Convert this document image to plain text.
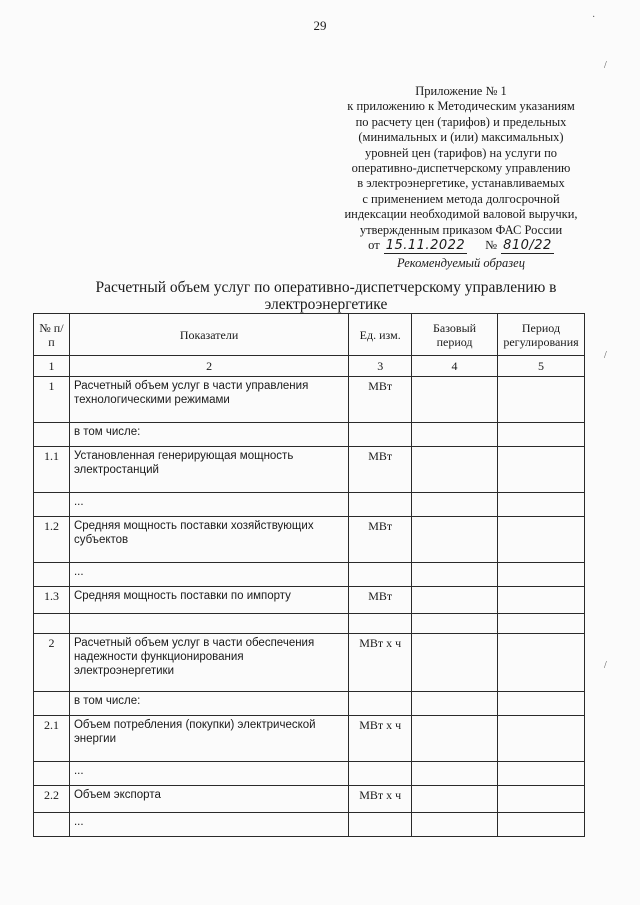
29
Приложение № 1
к приложению к Методическим указаниям
по расчету цен (тарифов) и предельных
(минимальных и (или) максимальных)
уровней цен (тарифов) на услуги по
оперативно-диспетчерскому управлению
в электроэнергетике, устанавливаемых
с применением метода долгосрочной
индексации необходимой валовой выручки,
утвержденным приказом ФАС России
от 15.11.2022 № 810/22
Рекомендуемый образец
Расчетный объем услуг по оперативно-диспетчерскому управлению в электроэнергетике
№ п/п	Показатели	Ед. изм.	Базовый период	Период регулирования
1	2	3	4	5
1	Расчетный объем услуг в части управления технологическими режимами	МВт		
	в том числе:			
1.1	Установленная генерирующая мощность электростанций	МВт		
	...			
1.2	Средняя мощность поставки хозяйствующих субъектов	МВт		
	...			
1.3	Средняя мощность поставки по импорту	МВт		

2	Расчетный объем услуг в части обеспечения надежности функционирования электроэнергетики	МВт х ч		
	в том числе:			
2.1	Объем потребления (покупки) электрической энергии	МВт х ч		
	...			
2.2	Объем экспорта	МВт х ч		
	...			
·
/
/
/
